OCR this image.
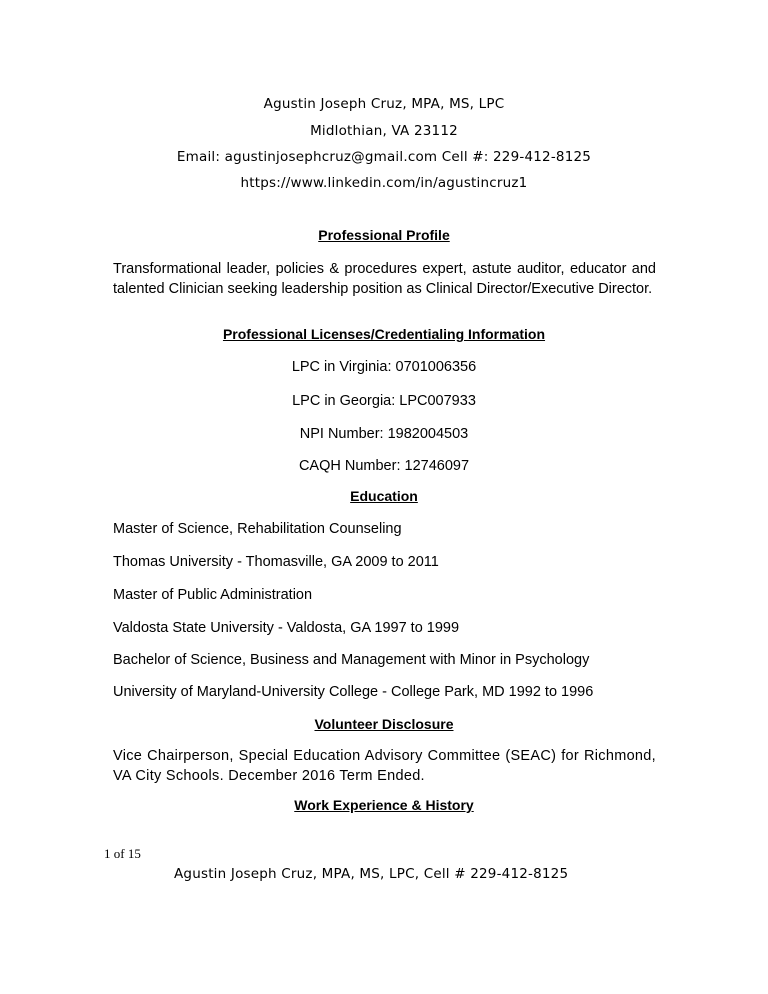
Agustin Joseph Cruz, MPA, MS, LPC
Midlothian, VA 23112
Email: agustinjosephcruz@gmail.com Cell #: 229-412-8125
https://www.linkedin.com/in/agustincruz1
Professional Profile
Transformational leader, policies & procedures expert, astute auditor, educator and talented Clinician seeking leadership position as Clinical Director/Executive Director.
Professional Licenses/Credentialing Information
LPC in Virginia: 0701006356
LPC in Georgia: LPC007933
NPI Number: 1982004503
CAQH Number: 12746097
Education
Master of Science, Rehabilitation Counseling
Thomas University - Thomasville, GA 2009 to 2011
Master of Public Administration
Valdosta State University - Valdosta, GA 1997 to 1999
Bachelor of Science, Business and Management with Minor in Psychology
University of Maryland-University College - College Park, MD 1992 to 1996
Volunteer Disclosure
Vice Chairperson, Special Education Advisory Committee (SEAC) for Richmond, VA City Schools. December 2016 Term Ended.
Work Experience & History
1 of 15
Agustin Joseph Cruz, MPA, MS, LPC, Cell # 229-412-8125
